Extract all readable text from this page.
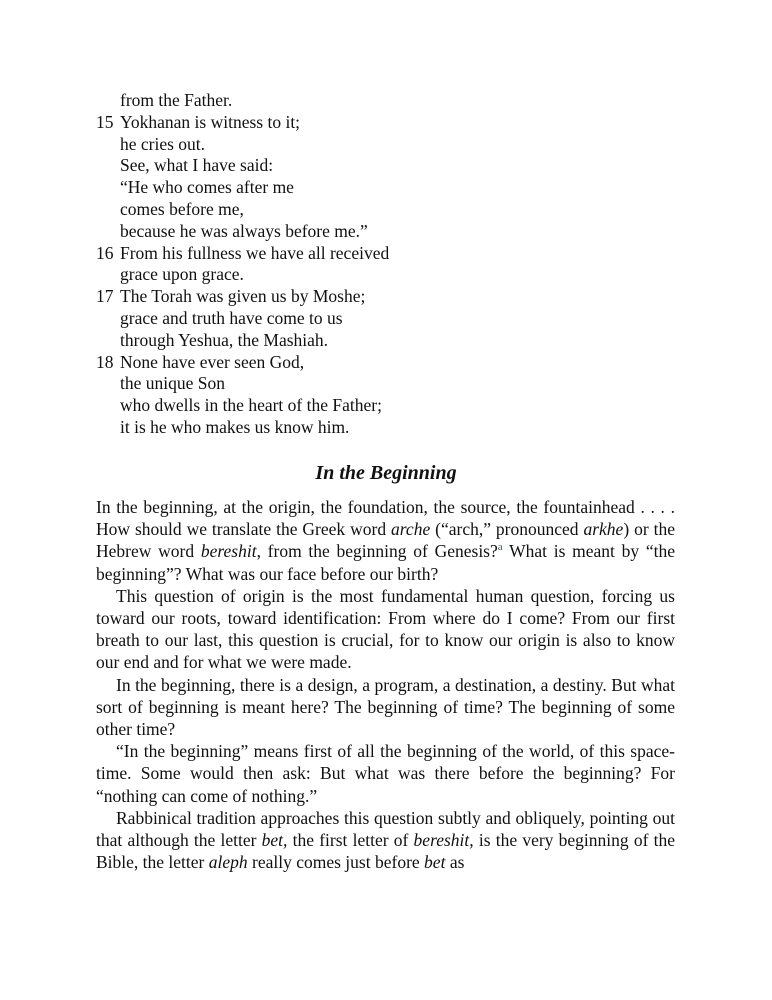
from the Father.
15 Yokhanan is witness to it;
he cries out.
See, what I have said:
“He who comes after me
comes before me,
because he was always before me.”
16 From his fullness we have all received
grace upon grace.
17 The Torah was given us by Moshe;
grace and truth have come to us
through Yeshua, the Mashiah.
18 None have ever seen God,
the unique Son
who dwells in the heart of the Father;
it is he who makes us know him.
In the Beginning

In the beginning, at the origin, the foundation, the source, the fountainhead . . . . How should we translate the Greek word arche (“arch,” pronounced arkhe) or the Hebrew word bereshit, from the beginning of Genesis?$^a$ What is meant by “the beginning”? What was our face before our birth?

This question of origin is the most fundamental human question, forcing us toward our roots, toward identification: From where do I come? From our first breath to our last, this question is crucial, for to know our origin is also to know our end and for what we were made.

In the beginning, there is a design, a program, a destination, a destiny. But what sort of beginning is meant here? The beginning of time? The beginning of some other time?

“In the beginning” means first of all the beginning of the world, of this space-time. Some would then ask: But what was there before the beginning? For “nothing can come of nothing.”

Rabbinical tradition approaches this question subtly and obliquely, pointing out that although the letter bet, the first letter of bereshit, is the very beginning of the Bible, the letter aleph really comes just before bet as
